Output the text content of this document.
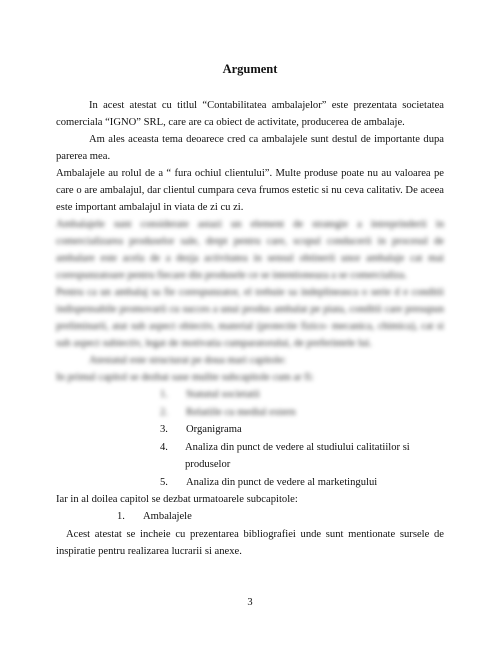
Argument

In acest atestat cu titlul “Contabilitatea ambalajelor” este prezentata societatea comerciala “IGNO” SRL, care are ca obiect de activitate, producerea de ambalaje.

Am ales aceasta tema deoarece cred ca ambalajele sunt destul de importante dupa parerea mea.

Ambalajele au rolul de a “ fura ochiul clientului”. Multe produse poate nu au valoarea pe care o are ambalajul, dar clientul cumpara ceva frumos estetic si nu ceva calitativ. De aceea este important ambalajul in viata de zi cu zi.

Ambalajele sunt considerate astazi un element de strategie a intreprinderii in comercializarea produselor sale, drept pentru care, scopul conducerii in procesul de ambalare este acela de a dezja activitatea in sensul obtinerii unor ambalaje cat mai corespunzatoare pentru fiecare din produsele ce se intentioneaza a se comercializa.

Pentru ca un ambalaj sa fie corespunzator, el trebuie sa indeplineasca o serie d e conditii indispensabile promovarii cu succes a unui produs ambalat pe piata, conditii care presupun preliminarii, atat sub aspect obiectiv, material (protectie fizico- mecanica, chimica), cat si sub aspect subiectiv, legat de motivatia cumparatorului, de preferintele lui.

Atestatul este structurat pe doua mari capitole:

In primul capitol se dezbat sase mulite subcapitole cum ar fi:

1.	Statutul societatii
2.	Relatiile cu mediul extern
3.	Organigrama
4.	Analiza din punct de vedere al studiului calitatiilor si produselor
5.	Analiza din punct de vedere al marketingului

Iar in al doilea capitol se dezbat urmatoarele subcapitole:

1.	Ambalajele

Acest atestat se incheie cu prezentarea bibliografiei unde sunt mentionate sursele de inspiratie pentru realizarea lucrarii si anexe.

3
